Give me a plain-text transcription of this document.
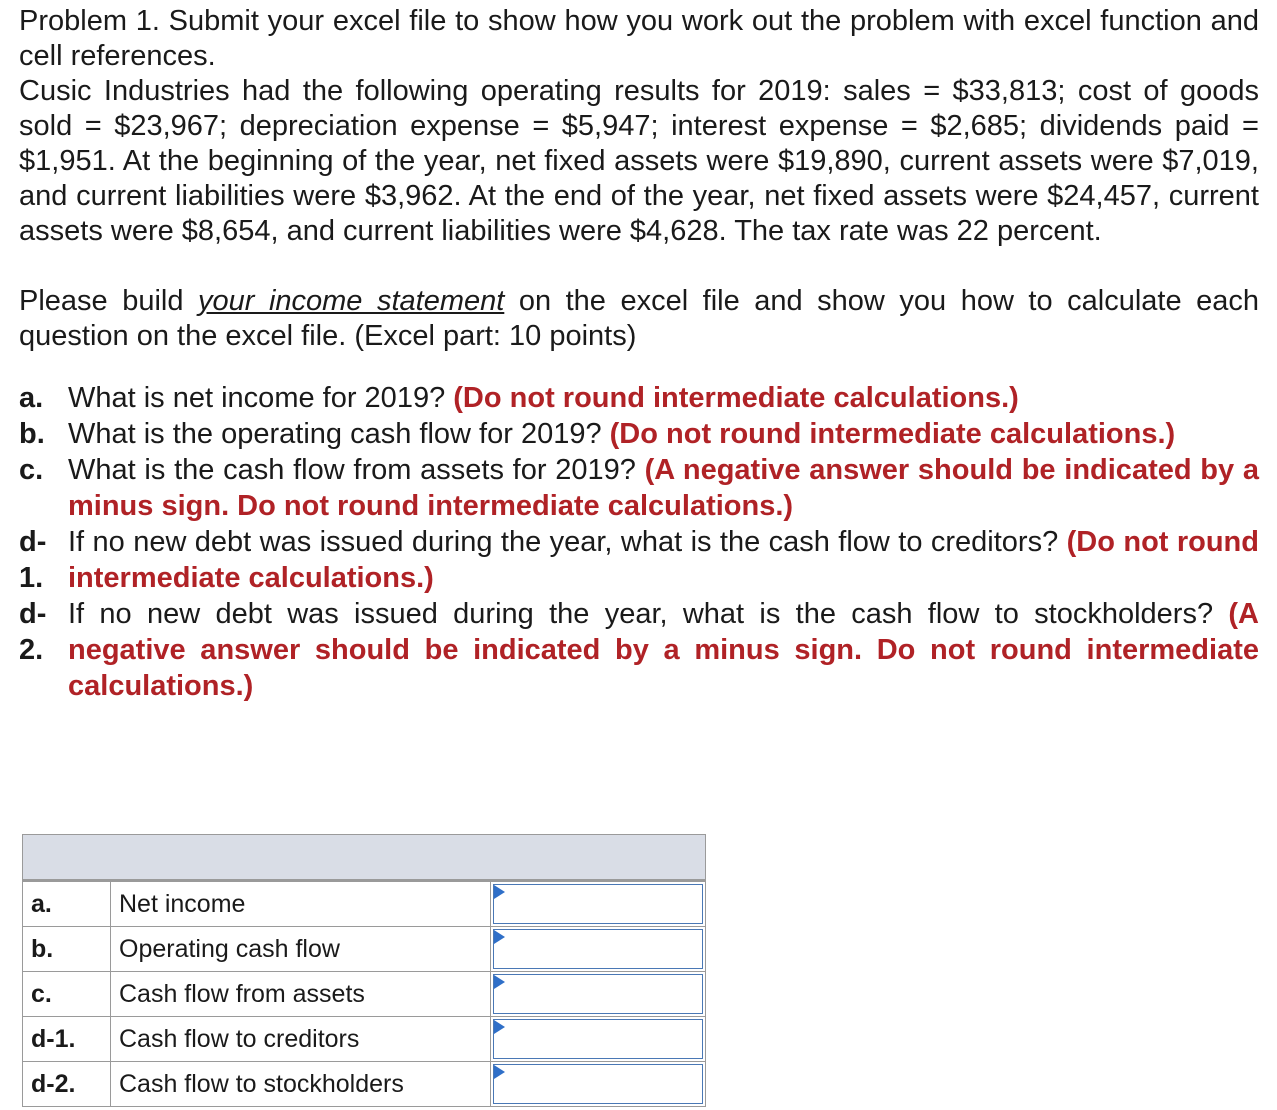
Problem 1. Submit your excel file to show how you work out the problem with excel function and cell references.

Cusic Industries had the following operating results for 2019: sales = $33,813; cost of goods sold = $23,967; depreciation expense = $5,947; interest expense = $2,685; dividends paid = $1,951. At the beginning of the year, net fixed assets were $19,890, current assets were $7,019, and current liabilities were $3,962. At the end of the year, net fixed assets were $24,457, current assets were $8,654, and current liabilities were $4,628. The tax rate was 22 percent.

Please build your income statement on the excel file and show you how to calculate each question on the excel file. (Excel part: 10 points)

a. What is net income for 2019? (Do not round intermediate calculations.)
b. What is the operating cash flow for 2019? (Do not round intermediate calculations.)
c. What is the cash flow from assets for 2019? (A negative answer should be indicated by a minus sign. Do not round intermediate calculations.)
d-
1.
If no new debt was issued during the year, what is the cash flow to creditors? (Do not round intermediate calculations.)
d-
2.
If no new debt was issued during the year, what is the cash flow to stockholders? (A negative answer should be indicated by a minus sign. Do not round intermediate calculations.)

a.	Net income	

b.	Operating cash flow	

c.	Cash flow from assets	

d-1.	Cash flow to creditors	

d-2.	Cash flow to stockholders	
